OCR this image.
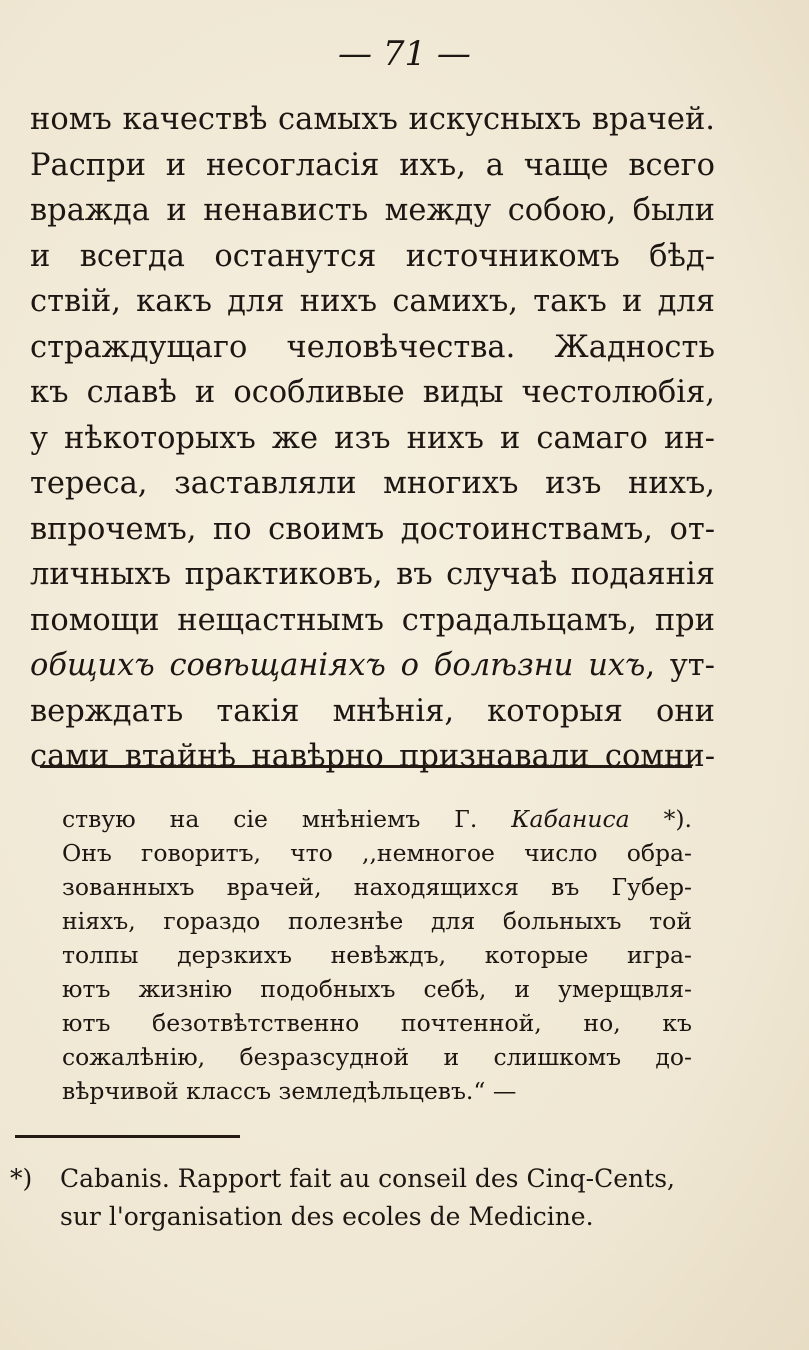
— 71 —
номъ качествѣ самыхъ искусныхъ врачей.
Распри и несогласія ихъ, а чаще всего
вражда и ненависть между собою, были
и всегда останутся источникомъ бѣд-
ствій, какъ для нихъ самихъ, такъ и для
страждущаго человѣчества. Жадность
къ славѣ и особливые виды честолюбія,
у нѣкоторыхъ же изъ нихъ и самаго ин-
тереса, заставляли многихъ изъ нихъ,
впрочемъ, по своимъ достоинствамъ, от-
личныхъ практиковъ, въ случаѣ подаянія
помощи нещастнымъ страдальцамъ, при
общихъ совѣщаніяхъ о болѣзни ихъ, ут-
верждать такія мнѣнія, которыя они
сами втайнѣ навѣрно признавали сомни-
ствую на сіе мнѣніемъ Г. Кабаниса *).
Онъ говоритъ, что ,,немногое число обра-
зованныхъ врачей, находящихся въ Губер-
ніяхъ, гораздо полезнѣе для больныхъ той
толпы дерзкихъ невѣждъ, которые игра-
ютъ жизнію подобныхъ себѣ, и умерщвля-
ютъ безотвѣтственно почтенной, но, къ
сожалѣнію, безразсудной и слишкомъ до-
вѣрчивой классъ земледѣльцевъ.“ —
*) Cabanis. Rapport fait au conseil des Cinq-Cents,
sur l'organisation des ecoles de Medicine.
